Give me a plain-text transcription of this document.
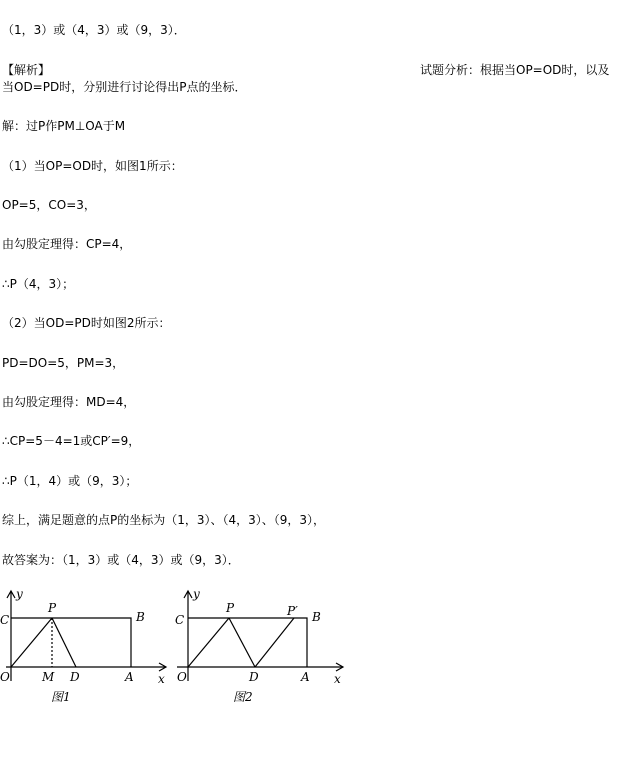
（1，3）或（4，3）或（9，3）．
【解析】	试题分析：根据当OP=OD时，以及
当OD=PD时，分别进行讨论得出P点的坐标．
解：过P作PM⊥OA于M
（1）当OP=OD时，如图1所示：
OP=5，CO=3，
由勾股定理得：CP=4，
∴P（4，3）；
（2）当OD=PD时如图2所示：
PD=DO=5，PM=3，
由勾股定理得：MD=4，
∴CP=5－4=1或CP′=9，
∴P（1，4）或（9，3）；
综上，满足题意的点P的坐标为（1，3）、（4，3）、（9，3），
故答案为：（1，3）或（4，3）或（9，3）．
y
C
P
B
O	M D	A x
图1
y
C
P	P′ B
O	D	A x
图2
